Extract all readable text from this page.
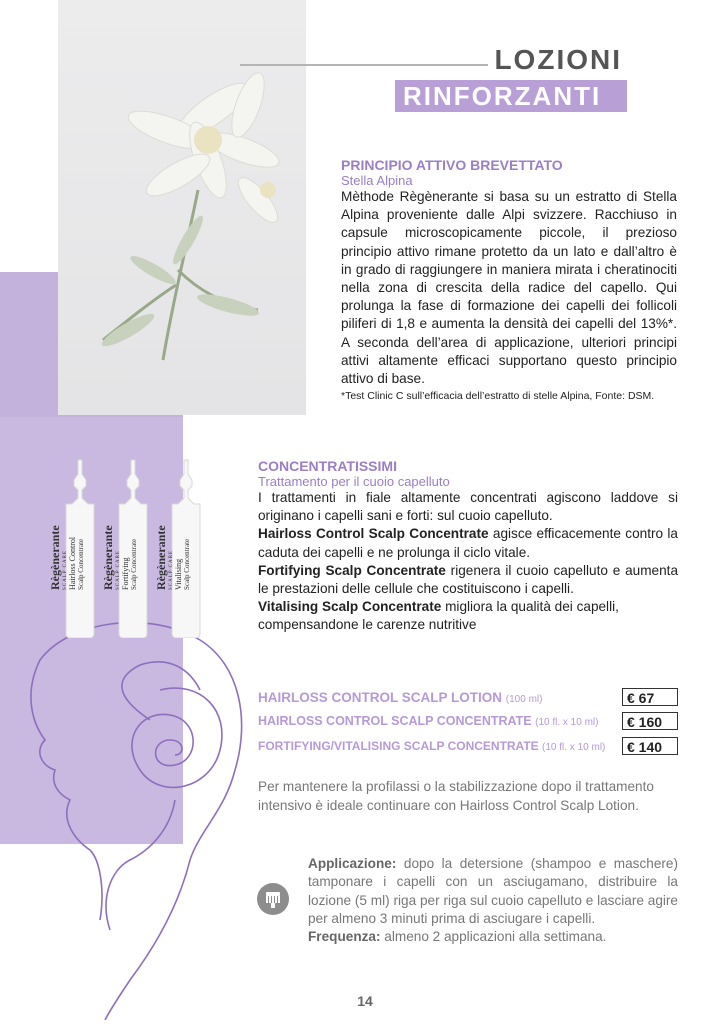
LOZIONI
RINFORZANTI
PRINCIPIO ATTIVO BREVETTATO
Stella Alpina
Mèthode Règènerante si basa su un estratto di Stella Alpina proveniente dalle Alpi svizzere. Racchiuso in capsule microscopicamente piccole, il prezioso principio attivo rimane protetto da un lato e dall’altro è in grado di raggiungere in maniera mirata i cheratinociti nella zona di crescita della radice del capello. Qui prolunga la fase di formazione dei capelli dei follicoli piliferi di 1,8 e aumenta la densità dei capelli del 13%*. A seconda dell’area di applicazione, ulteriori principi attivi altamente efficaci supportano questo principio attivo di base.
*Test Clinic C sull’efficacia dell’estratto di stelle Alpina, Fonte: DSM.
Règènerante SCALP CARE Hairloss Control Scalp Concentrate Règènerante SCALP CARE Fortifying Scalp Concentrate Règènerante SCALP CARE Vitalising Scalp Concentrate
CONCENTRATISSIMI
Trattamento per il cuoio capelluto
I trattamenti in fiale altamente concentrati agiscono laddove si originano i capelli sani e forti: sul cuoio capelluto.
Hairloss Control Scalp Concentrate agisce efficacemente contro la caduta dei capelli e ne prolunga il ciclo vitale.
Fortifying Scalp Concentrate rigenera il cuoio capelluto e aumenta le prestazioni delle cellule che costituiscono i capelli.
Vitalising Scalp Concentrate migliora la qualità dei capelli, compensandone le carenze nutritive
HAIRLOSS CONTROL SCALP LOTION (100 ml)	€ 67
HAIRLOSS CONTROL SCALP CONCENTRATE (10 fl. x 10 ml)	€ 160
FORTIFYING/VITALISING SCALP CONCENTRATE (10 fl. x 10 ml)	€ 140
Per mantenere la profilassi o la stabilizzazione dopo il trattamento intensivo è ideale continuare con Hairloss Control Scalp Lotion.
Applicazione: dopo la detersione (shampoo e maschere) tamponare i capelli con un asciugamano, distribuire la lozione (5 ml) riga per riga sul cuoio capelluto e lasciare agire per almeno 3 minuti prima di asciugare i capelli.
Frequenza: almeno 2 applicazioni alla settimana.
14
